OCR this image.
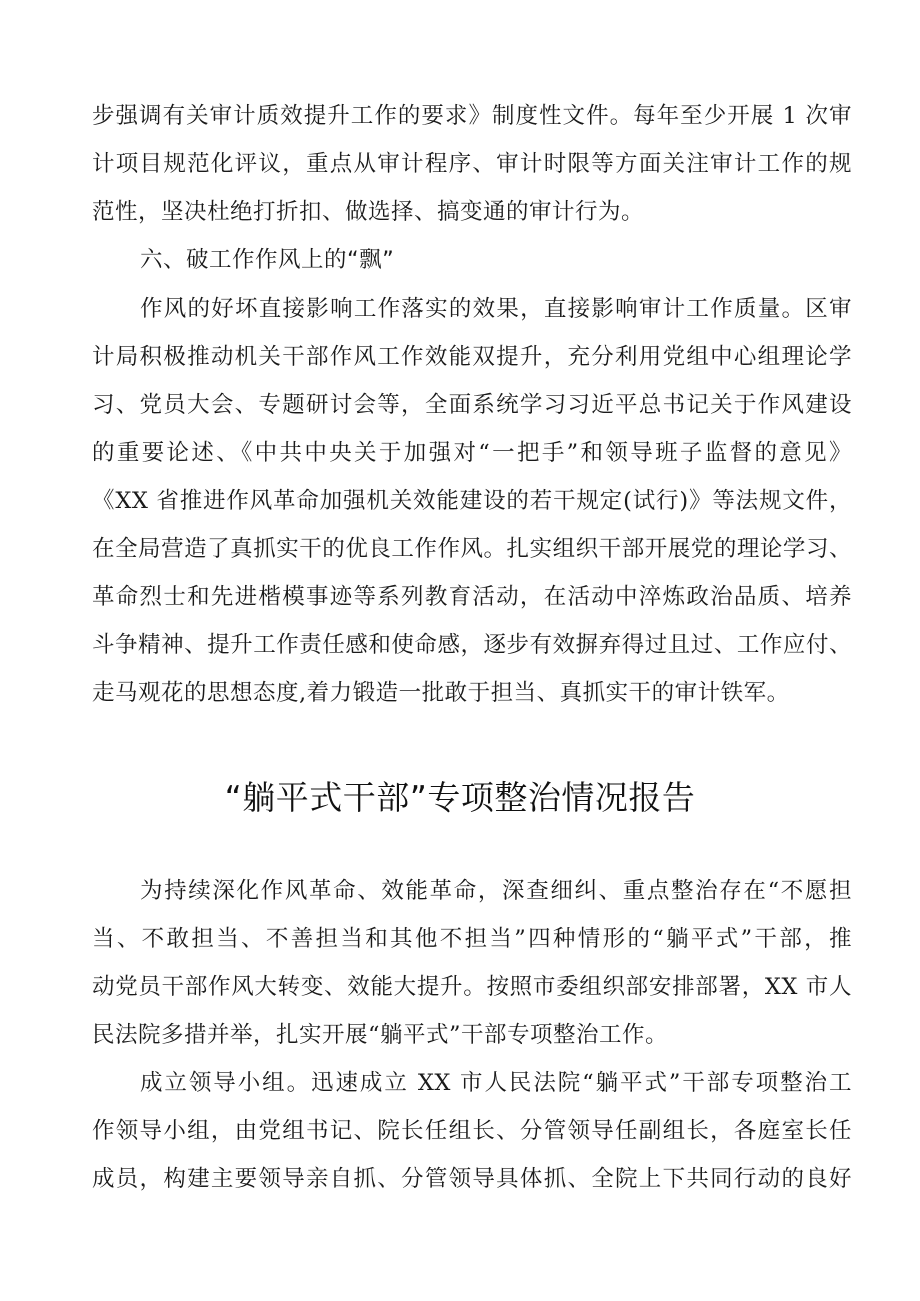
步强调有关审计质效提升工作的要求》制度性文件。每年至少开展 1 次审
计项目规范化评议，重点从审计程序、审计时限等方面关注审计工作的规
范性，坚决杜绝打折扣、做选择、搞变通的审计行为。
六、破工作作风上的“飘”
作风的好坏直接影响工作落实的效果，直接影响审计工作质量。区审
计局积极推动机关干部作风工作效能双提升，充分利用党组中心组理论学
习、党员大会、专题研讨会等，全面系统学习习近平总书记关于作风建设
的重要论述、《中共中央关于加强对“一把手”和领导班子监督的意见》
《XX 省推进作风革命加强机关效能建设的若干规定(试行)》等法规文件，
在全局营造了真抓实干的优良工作作风。扎实组织干部开展党的理论学习、
革命烈士和先进楷模事迹等系列教育活动，在活动中淬炼政治品质、培养
斗争精神、提升工作责任感和使命感，逐步有效摒弃得过且过、工作应付、
走马观花的思想态度,着力锻造一批敢于担当、真抓实干的审计铁军。
“躺平式干部”专项整治情况报告
为持续深化作风革命、效能革命，深查细纠、重点整治存在“不愿担
当、不敢担当、不善担当和其他不担当”四种情形的“躺平式”干部，推
动党员干部作风大转变、效能大提升。按照市委组织部安排部署，XX 市人
民法院多措并举，扎实开展“躺平式”干部专项整治工作。
成立领导小组。迅速成立 XX 市人民法院“躺平式”干部专项整治工
作领导小组，由党组书记、院长任组长、分管领导任副组长，各庭室长任
成员，构建主要领导亲自抓、分管领导具体抓、全院上下共同行动的良好
